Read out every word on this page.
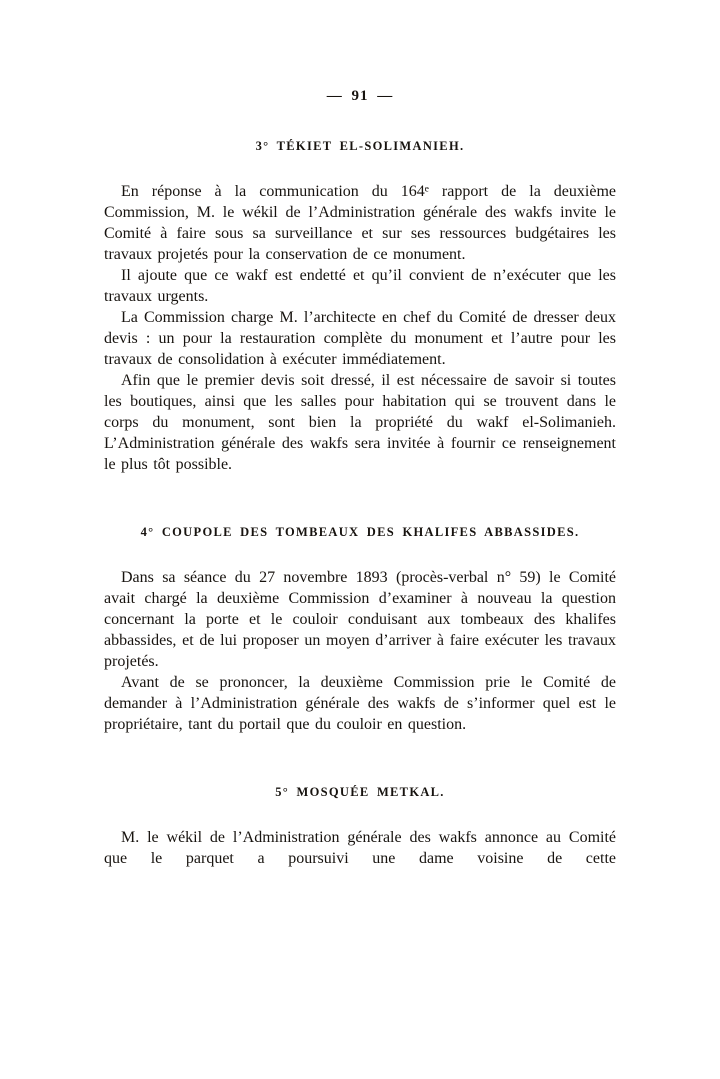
— 91 —
3° TÉKIET EL-SOLIMANIEH.

En réponse à la communication du 164ᵉ rapport de la deuxième Commission, M. le wékil de l’Administration générale des wakfs invite le Comité à faire sous sa surveillance et sur ses ressources budgétaires les travaux projetés pour la conservation de ce monument.

Il ajoute que ce wakf est endetté et qu’il convient de n’exécuter que les travaux urgents.

La Commission charge M. l’architecte en chef du Comité de dresser deux devis : un pour la restauration complète du monument et l’autre pour les travaux de consolidation à exécuter immédiatement.

Afin que le premier devis soit dressé, il est nécessaire de savoir si toutes les boutiques, ainsi que les salles pour habitation qui se trouvent dans le corps du monument, sont bien la propriété du wakf el-Solimanieh. L’Administration générale des wakfs sera invitée à fournir ce renseignement le plus tôt possible.

4° COUPOLE DES TOMBEAUX DES KHALIFES ABBASSIDES.

Dans sa séance du 27 novembre 1893 (procès-verbal n° 59) le Comité avait chargé la deuxième Commission d’examiner à nouveau la question concernant la porte et le couloir conduisant aux tombeaux des khalifes abbassides, et de lui proposer un moyen d’arriver à faire exécuter les travaux projetés.

Avant de se prononcer, la deuxième Commission prie le Comité de demander à l’Administration générale des wakfs de s’informer quel est le propriétaire, tant du portail que du couloir en question.

5° MOSQUÉE METKAL.

M. le wékil de l’Administration générale des wakfs annonce au Comité que le parquet a poursuivi une dame voisine de cette
